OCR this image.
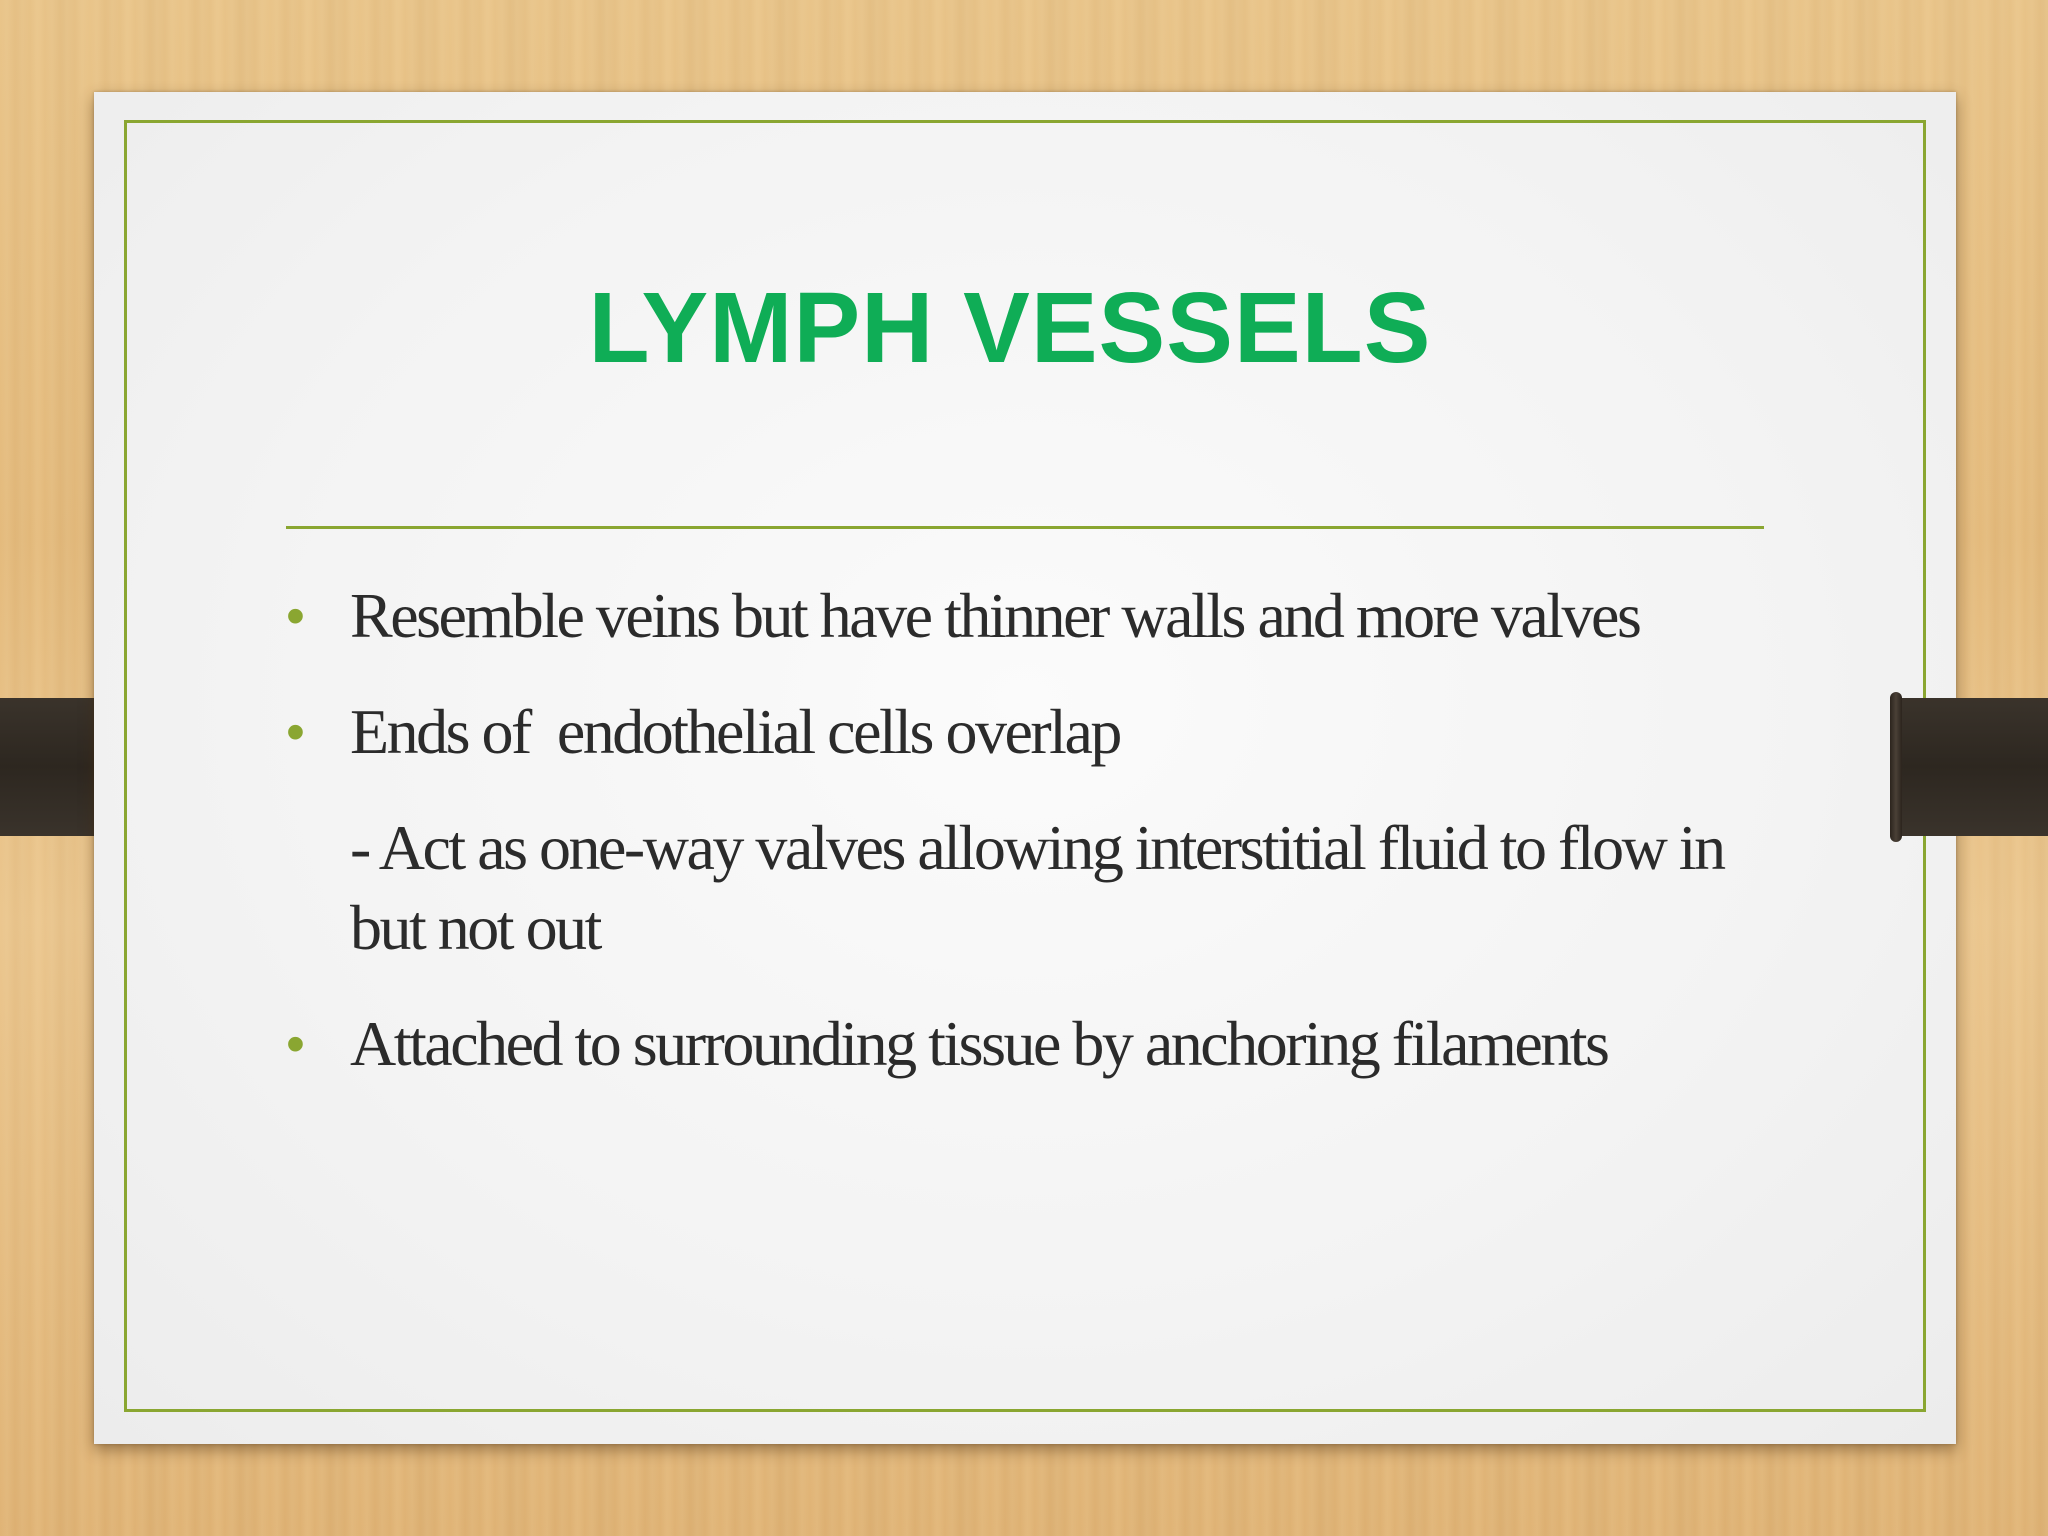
LYMPH VESSELS
• Resemble veins but have thinner walls and more valves
• Ends of  endothelial cells overlap
- Act as one-way valves allowing interstitial fluid to flow in but not out
• Attached to surrounding tissue by anchoring filaments
